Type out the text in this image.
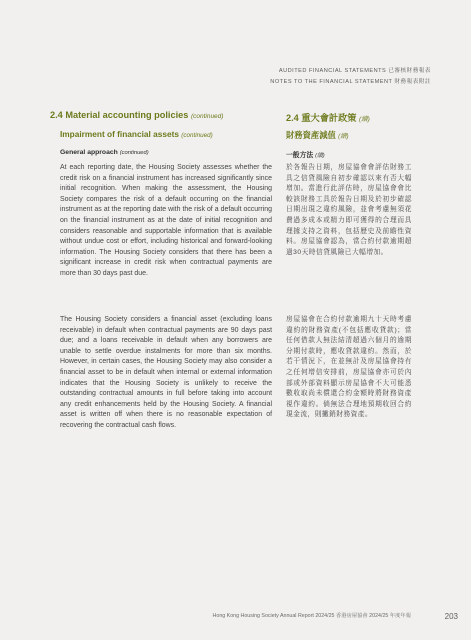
AUDITED FINANCIAL STATEMENTS 已審核財務報表
NOTES TO THE FINANCIAL STATEMENT 財務報表附註
2.4 Material accounting policies (continued)
Impairment of financial assets (continued)
General approach (continued)

At each reporting date, the Housing Society assesses whether the credit risk on a financial instrument has increased significantly since initial recognition. When making the assessment, the Housing Society compares the risk of a default occurring on the financial instrument as at the reporting date with the risk of a default occurring on the financial instrument as at the date of initial recognition and considers reasonable and supportable information that is available without undue cost or effort, including historical and forward-looking information. The Housing Society considers that there has been a significant increase in credit risk when contractual payments are more than 30 days past due.

The Housing Society considers a financial asset (excluding loans receivable) in default when contractual payments are 90 days past due; and a loans receivable in default when any borrowers are unable to settle overdue instalments for more than six months. However, in certain cases, the Housing Society may also consider a financial asset to be in default when internal or external information indicates that the Housing Society is unlikely to receive the outstanding contractual amounts in full before taking into account any credit enhancements held by the Housing Society. A financial asset is written off when there is no reasonable expectation of recovering the contractual cash flows.

2.4 重大會計政策 (續)
財務資產減值 (續)
一般方法 (續)

於各報告日期，房屋協會會評估財務工具之信貸風險自初步確認以來有否大幅增加。當進行此評估時，房屋協會會比較該財務工具於報告日期及於初步確認日期出現之違約風險，並會考慮無須花費過多成本或精力即可獲得的合理而具理據支持之資料，包括歷史及前瞻性資料。房屋協會認為，當合約付款逾期超過30天時信貸風險已大幅增加。

房屋協會在合約付款逾期九十天時考慮違約的財務資產(不包括應收貸款)；當任何借款人無法結清超過六個月的逾期分期付款時，應收貸款違約。然而，於若干情況下，在並無計及房屋協會持有之任何增信安排前，房屋協會亦可於內部或外部資料顯示房屋協會不大可能悉數收取尚未償還合約金額時將財務資產視作違約。倘無法合理地預期收回合約現金流，則撇銷財務資產。

Hong Kong Housing Society Annual Report 2024/25 香港房屋協會 2024/25 年度年報	203
